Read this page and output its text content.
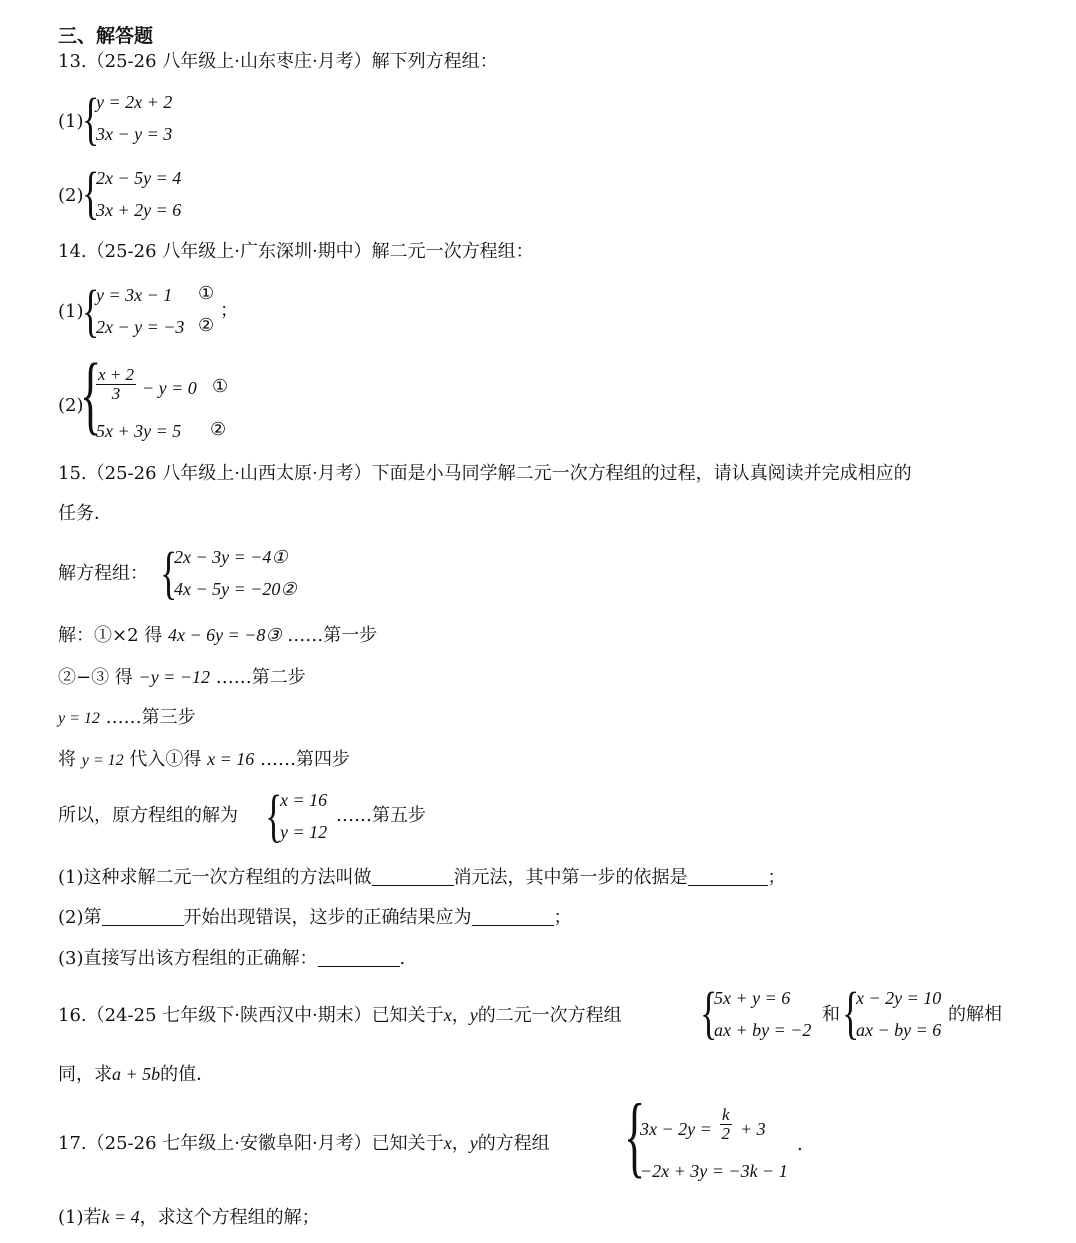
三、解答题
13.（25-26 八年级上·山东枣庄·月考）解下列方程组：
(1)
{
y = 2x + 2
3x − y = 3
(2)
{
2x − 5y = 4
3x + 2y = 6
14.（25-26 八年级上·广东深圳·期中）解二元一次方程组：
(1)
{
y = 3x − 1 ①
2x − y = −3 ②
；
(2)
{
$\frac{x + 2}{3} - y = 0$ ①
5x + 3y = 5 ②
15.（25-26 八年级上·山西太原·月考）下面是小马同学解二元一次方程组的过程，请认真阅读并完成相应的
任务．
解方程组： {
2x − 3y = −4①
4x − 5y = −20②
解：①×2 得 4x − 6y = −8③ ……第一步
②−③ 得 −y = −12 ……第二步
y = 12 ……第三步
将 y = 12 代入①得 x = 16 ……第四步
所以，原方程组的解为 {
x = 16
y = 12
……第五步
(1)这种求解二元一次方程组的方法叫做	消元法，其中第一步的依据是	；
(2)第	开始出现错误，这步的正确结果应为	；
(3)直接写出该方程组的正确解：	.
16.（24-25 七年级下·陕西汉中·期末）已知关于x，y的二元一次方程组 {
5x + y = 6
ax + by = −2
和 {
x − 2y = 10
ax − by = 6
的解相
同，求a + 5b的值．
17.（25-26 七年级上·安徽阜阳·月考）已知关于x，y的方程组 {
$3x - 2y = \frac{k}{2} + 3$
−2x + 3y = −3k − 1
.
(1)若k = 4，求这个方程组的解；
